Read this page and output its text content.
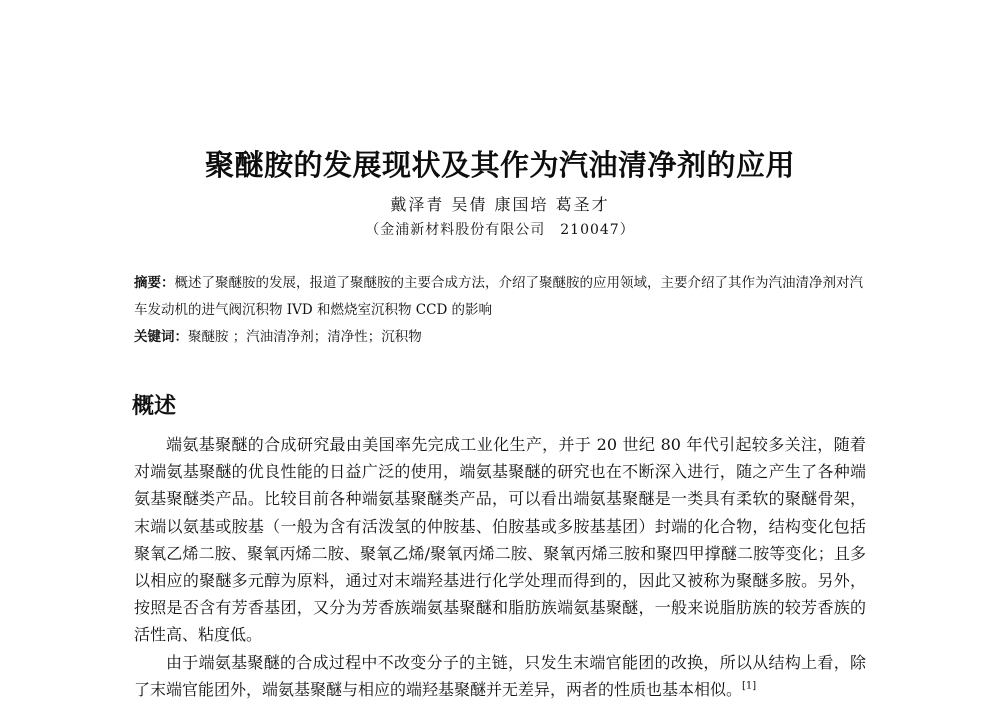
聚醚胺的发展现状及其作为汽油清净剂的应用
戴泽青 吴倩 康国培 葛圣才
（金浦新材料股份有限公司　210047）
摘要：概述了聚醚胺的发展，报道了聚醚胺的主要合成方法，介绍了聚醚胺的应用领域，主要介绍了其作为汽油清净剂对汽车发动机的进气阀沉积物 IVD 和燃烧室沉积物 CCD 的影响
关键词：聚醚胺 ；汽油清净剂；清净性；沉积物
概述

端氨基聚醚的合成研究最由美国率先完成工业化生产，并于 20 世纪 80 年代引起较多关注，随着对端氨基聚醚的优良性能的日益广泛的使用，端氨基聚醚的研究也在不断深入进行，随之产生了各种端氨基聚醚类产品。比较目前各种端氨基聚醚类产品，可以看出端氨基聚醚是一类具有柔软的聚醚骨架，末端以氨基或胺基（一般为含有活泼氢的仲胺基、伯胺基或多胺基基团）封端的化合物，结构变化包括聚氧乙烯二胺、聚氧丙烯二胺、聚氧乙烯/聚氧丙烯二胺、聚氧丙烯三胺和聚四甲撑醚二胺等变化；且多以相应的聚醚多元醇为原料，通过对末端羟基进行化学处理而得到的，因此又被称为聚醚多胺。另外，按照是否含有芳香基团，又分为芳香族端氨基聚醚和脂肪族端氨基聚醚，一般来说脂肪族的较芳香族的活性高、粘度低。

由于端氨基聚醚的合成过程中不改变分子的主链，只发生末端官能团的改换，所以从结构上看，除了末端官能团外，端氨基聚醚与相应的端羟基聚醚并无差异，两者的性质也基本相似。[1]
